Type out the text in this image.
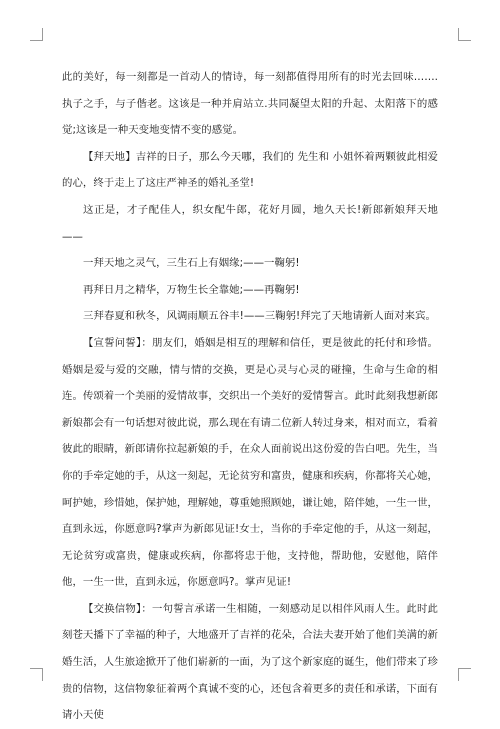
此的美好，每一刻都是一首动人的情诗，每一刻都值得用所有的时光去回味…….执子之手，与子偕老。这该是一种并肩站立.共同凝望太阳的升起、太阳落下的感觉;这该是一种天变地变情不变的感觉。

【拜天地】吉祥的日子，那么今天哪，我们的 先生和 小姐怀着两颗彼此相爱的心，终于走上了这庄严神圣的婚礼圣堂!

这正是，才子配佳人，织女配牛郎，花好月圆，地久天长!新郎新娘拜天地——

一拜天地之灵气，三生石上有姻缘;——一鞠躬!

再拜日月之精华，万物生长全靠她;——再鞠躬!

三拜春夏和秋冬，风调雨顺五谷丰!——三鞠躬!拜完了天地请新人面对来宾。

【宣誓问誓】：朋友们，婚姻是相互的理解和信任，更是彼此的托付和珍惜。婚姻是爱与爱的交融，情与情的交换，更是心灵与心灵的碰撞，生命与生命的相连。传颂着一个美丽的爱情故事，交织出一个美好的爱情誓言。此时此刻我想新郎新娘都会有一句话想对彼此说，那么现在有请二位新人转过身来，相对而立，看着彼此的眼睛，新郎请你拉起新娘的手，在众人面前说出这份爱的告白吧。先生，当你的手牵定她的手，从这一刻起，无论贫穷和富贵，健康和疾病，你都将关心她，呵护她，珍惜她，保护她，理解她，尊重她照顾她，谦让她，陪伴她，一生一世，直到永远，你愿意吗?掌声为新郎见证!女士，当你的手牵定他的手，从这一刻起，无论贫穷或富贵，健康或疾病，你都将忠于他，支持他，帮助他，安慰他，陪伴他，一生一世，直到永远，你愿意吗?。掌声见证!

【交换信物】：一句誓言承诺一生相随，一刻感动足以相伴风雨人生。此时此刻苍天播下了幸福的种子，大地盛开了吉祥的花朵，合法夫妻开始了他们美满的新婚生活，人生旅途掀开了他们崭新的一面，为了这个新家庭的诞生，他们带来了珍贵的信物，这信物象征着两个真诚不变的心，还包含着更多的责任和承诺，下面有请小天使
